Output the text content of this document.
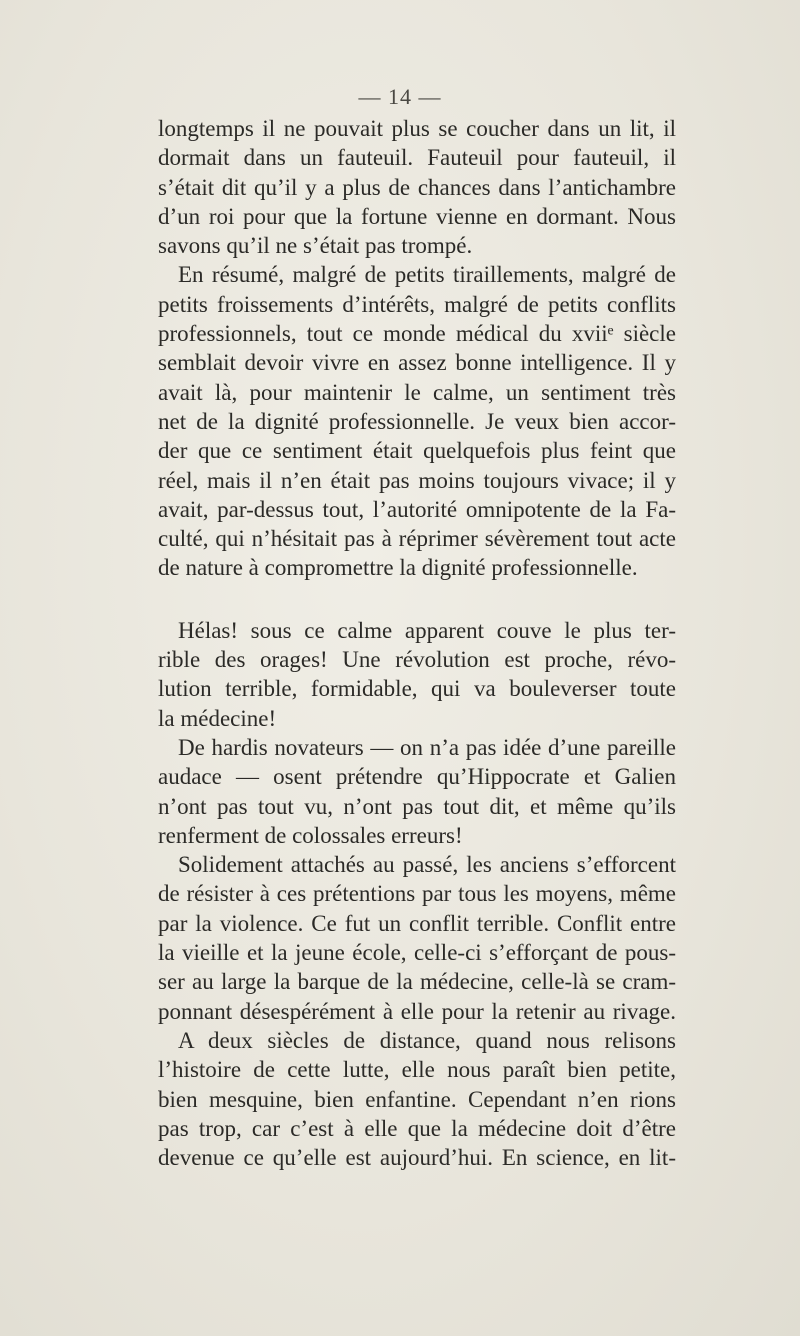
— 14 —

longtemps il ne pouvait plus se coucher dans un lit, il
dormait dans un fauteuil. Fauteuil pour fauteuil, il
s’était dit qu’il y a plus de chances dans l’antichambre
d’un roi pour que la fortune vienne en dormant. Nous
savons qu’il ne s’était pas trompé.

En résumé, malgré de petits tiraillements, malgré de
petits froissements d’intérêts, malgré de petits conflits
professionnels, tout ce monde médical du xviiᵉ siècle
semblait devoir vivre en assez bonne intelligence. Il y
avait là, pour maintenir le calme, un sentiment très
net de la dignité professionnelle. Je veux bien accor-
der que ce sentiment était quelquefois plus feint que
réel, mais il n’en était pas moins toujours vivace; il y
avait, par-dessus tout, l’autorité omnipotente de la Fa-
culté, qui n’hésitait pas à réprimer sévèrement tout acte
de nature à compromettre la dignité professionnelle.

Hélas! sous ce calme apparent couve le plus ter-
rible des orages! Une révolution est proche, révo-
lution terrible, formidable, qui va bouleverser toute
la médecine!

De hardis novateurs — on n’a pas idée d’une pareille
audace — osent prétendre qu’Hippocrate et Galien
n’ont pas tout vu, n’ont pas tout dit, et même qu’ils
renferment de colossales erreurs!

Solidement attachés au passé, les anciens s’efforcent
de résister à ces prétentions par tous les moyens, même
par la violence. Ce fut un conflit terrible. Conflit entre
la vieille et la jeune école, celle-ci s’efforçant de pous-
ser au large la barque de la médecine, celle-là se cram-
ponnant désespérément à elle pour la retenir au rivage.
A deux siècles de distance, quand nous relisons
l’histoire de cette lutte, elle nous paraît bien petite,
bien mesquine, bien enfantine. Cependant n’en rions
pas trop, car c’est à elle que la médecine doit d’être
devenue ce qu’elle est aujourd’hui. En science, en lit-
